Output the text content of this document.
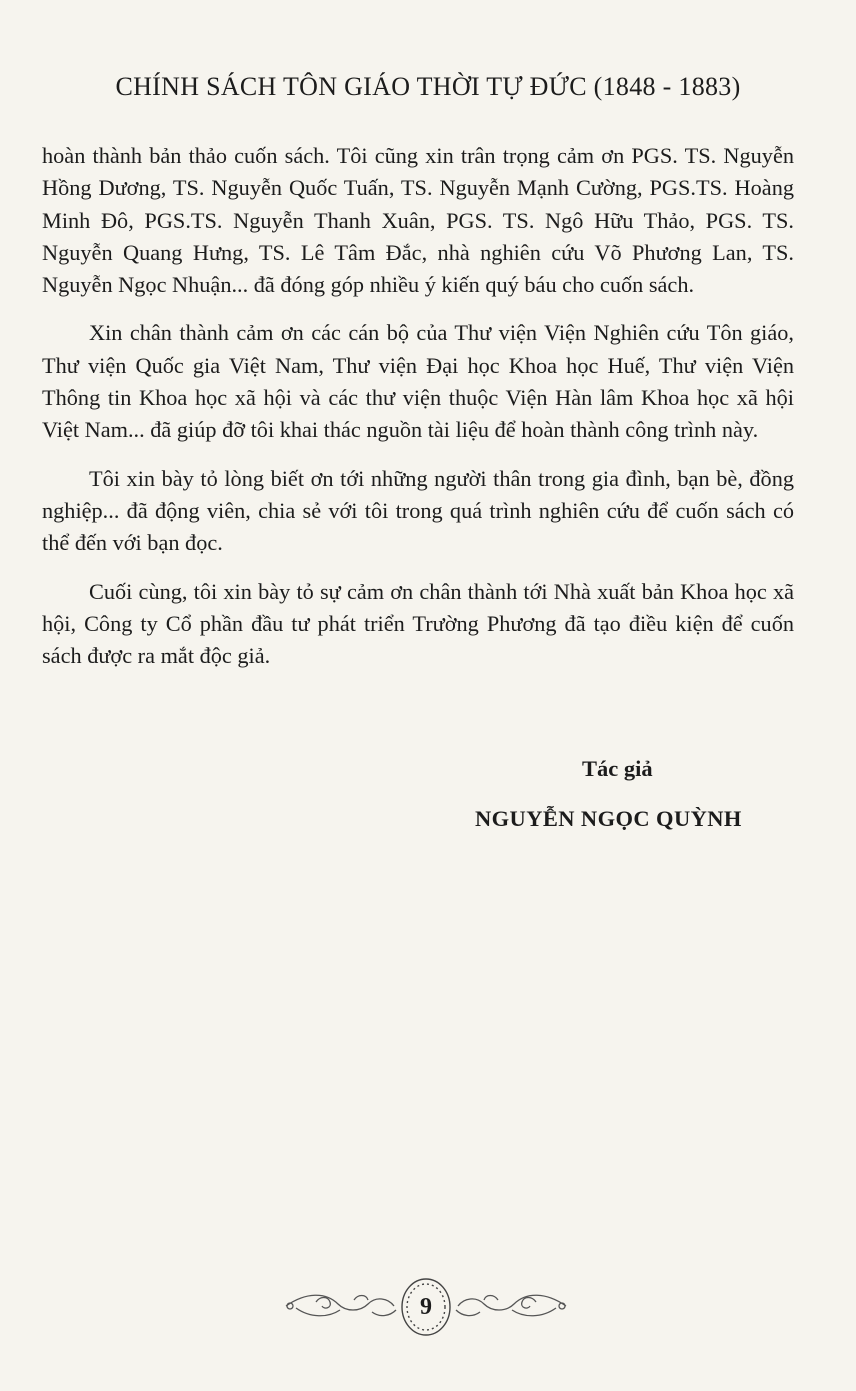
CHÍNH SÁCH TÔN GIÁO THỜI TỰ ĐỨC (1848 - 1883)

hoàn thành bản thảo cuốn sách. Tôi cũng xin trân trọng cảm ơn PGS. TS. Nguyễn Hồng Dương, TS. Nguyễn Quốc Tuấn, TS. Nguyễn Mạnh Cường, PGS.TS. Hoàng Minh Đô, PGS.TS. Nguyễn Thanh Xuân, PGS. TS. Ngô Hữu Thảo, PGS. TS. Nguyễn Quang Hưng, TS. Lê Tâm Đắc, nhà nghiên cứu Võ Phương Lan, TS. Nguyễn Ngọc Nhuận... đã đóng góp nhiều ý kiến quý báu cho cuốn sách.

Xin chân thành cảm ơn các cán bộ của Thư viện Viện Nghiên cứu Tôn giáo, Thư viện Quốc gia Việt Nam, Thư viện Đại học Khoa học Huế, Thư viện Viện Thông tin Khoa học xã hội và các thư viện thuộc Viện Hàn lâm Khoa học xã hội Việt Nam... đã giúp đỡ tôi khai thác nguồn tài liệu để hoàn thành công trình này.

Tôi xin bày tỏ lòng biết ơn tới những người thân trong gia đình, bạn bè, đồng nghiệp... đã động viên, chia sẻ với tôi trong quá trình nghiên cứu để cuốn sách có thể đến với bạn đọc.

Cuối cùng, tôi xin bày tỏ sự cảm ơn chân thành tới Nhà xuất bản Khoa học xã hội, Công ty Cổ phần đầu tư phát triển Trường Phương đã tạo điều kiện để cuốn sách được ra mắt độc giả.

Tác giả
NGUYỄN NGỌC QUỲNH
9
